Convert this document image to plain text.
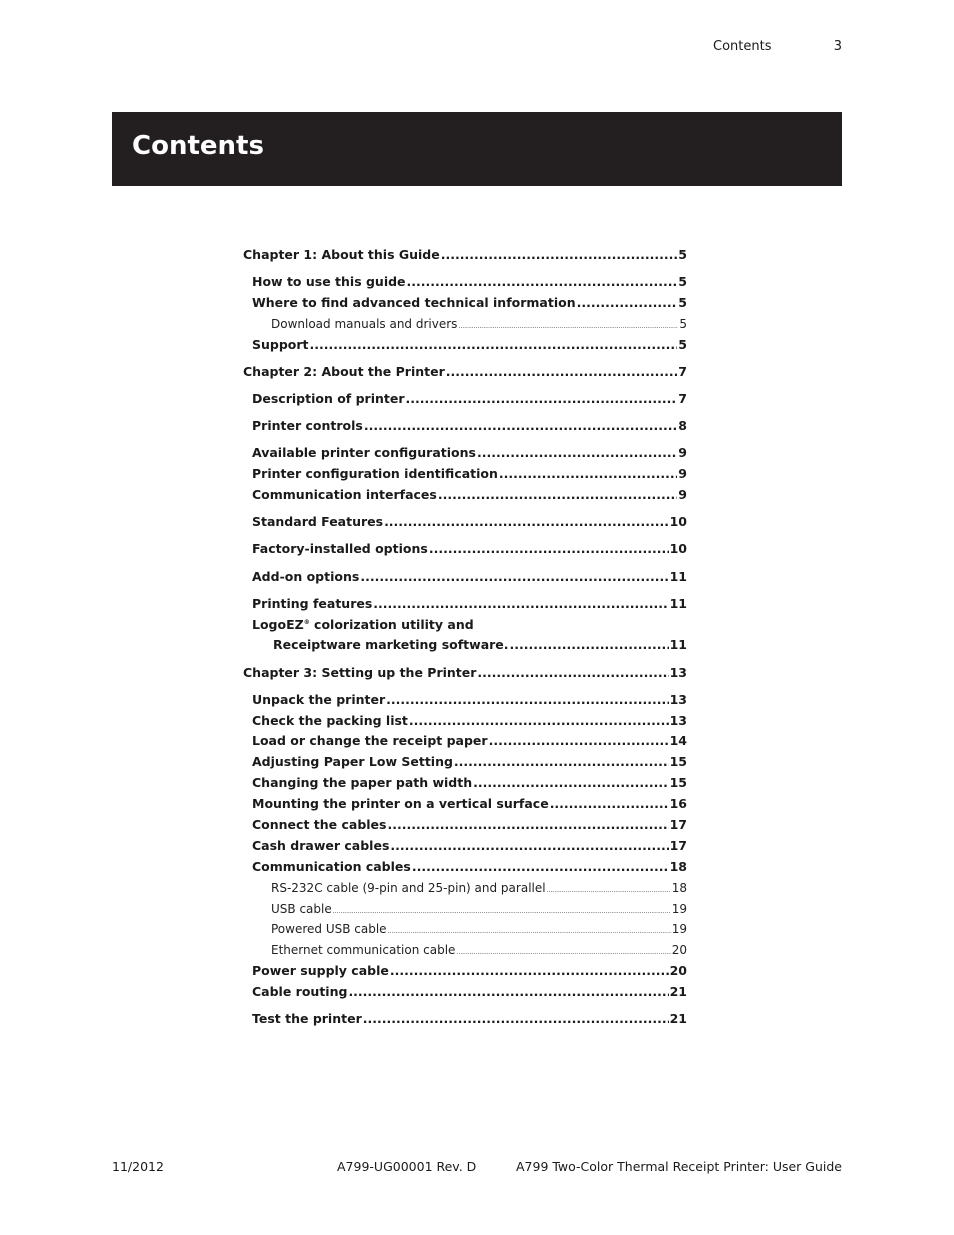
Contents	3
Contents
Chapter 1: About this Guide .....	5
How to use this guide .....	5
Where to find advanced technical information .....	5
Download manuals and drivers .....	5
Support .....	5
Chapter 2: About the Printer .....	7
Description of printer .....	7
Printer controls .....	8
Available printer configurations .....	9
Printer configuration identification .....	9
Communication interfaces .....	9
Standard Features .....	10
Factory-installed options .....	10
Add-on options .....	11
Printing features .....	11
LogoEZ® colorization utility and
Receiptware marketing software. .....	11
Chapter 3: Setting up the Printer .....	13
Unpack the printer .....	13
Check the packing list .....	13
Load or change the receipt paper .....	14
Adjusting Paper Low Setting .....	15
Changing the paper path width .....	15
Mounting the printer on a vertical surface .....	16
Connect the cables .....	17
Cash drawer cables .....	17
Communication cables .....	18
RS-232C cable (9-pin and 25-pin) and parallel .....	18
USB cable .....	19
Powered USB cable .....	19
Ethernet communication cable .....	20
Power supply cable .....	20
Cable routing .....	21
Test the printer .....	21
11/2012	A799-UG00001 Rev. D	A799 Two-Color Thermal Receipt Printer: User Guide
